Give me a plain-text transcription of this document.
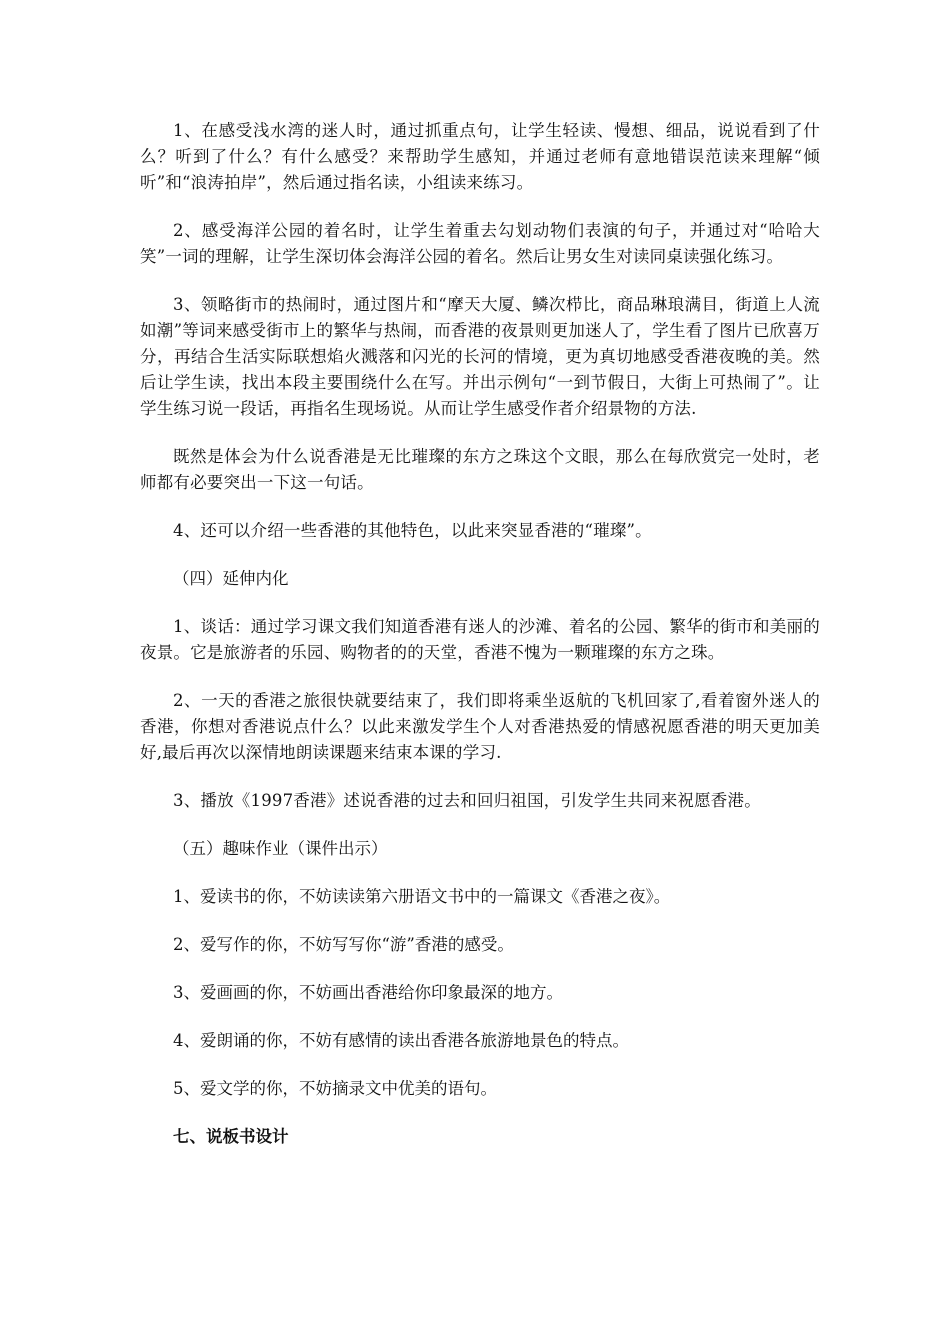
1、在感受浅水湾的迷人时，通过抓重点句，让学生轻读、慢想、细品，说说看到了什么？听到了什么？有什么感受？来帮助学生感知，并通过老师有意地错误范读来理解“倾听”和“浪涛拍岸”，然后通过指名读，小组读来练习。

2、感受海洋公园的着名时，让学生着重去勾划动物们表演的句子，并通过对“哈哈大笑”一词的理解，让学生深切体会海洋公园的着名。然后让男女生对读同桌读强化练习。

3、领略街市的热闹时，通过图片和“摩天大厦、鳞次栉比，商品琳琅满目，街道上人流如潮”等词来感受街市上的繁华与热闹，而香港的夜景则更加迷人了，学生看了图片已欣喜万分，再结合生活实际联想焰火溅落和闪光的长河的情境，更为真切地感受香港夜晚的美。然后让学生读，找出本段主要围绕什么在写。并出示例句“一到节假日，大街上可热闹了”。让学生练习说一段话，再指名生现场说。从而让学生感受作者介绍景物的方法.

既然是体会为什么说香港是无比璀璨的东方之珠这个文眼，那么在每欣赏完一处时，老师都有必要突出一下这一句话。

4、还可以介绍一些香港的其他特色，以此来突显香港的“璀璨”。

（四）延伸内化

1、谈话：通过学习课文我们知道香港有迷人的沙滩、着名的公园、繁华的街市和美丽的夜景。它是旅游者的乐园、购物者的的天堂，香港不愧为一颗璀璨的东方之珠。

2、一天的香港之旅很快就要结束了，我们即将乘坐返航的飞机回家了,看着窗外迷人的香港，你想对香港说点什么？以此来激发学生个人对香港热爱的情感祝愿香港的明天更加美好,最后再次以深情地朗读课题来结束本课的学习.

3、播放《1997香港》述说香港的过去和回归祖国，引发学生共同来祝愿香港。

（五）趣味作业（课件出示）

1、爱读书的你，不妨读读第六册语文书中的一篇课文《香港之夜》。

2、爱写作的你，不妨写写你“游”香港的感受。

3、爱画画的你，不妨画出香港给你印象最深的地方。

4、爱朗诵的你，不妨有感情的读出香港各旅游地景色的特点。

5、爱文学的你，不妨摘录文中优美的语句。

七、说板书设计
